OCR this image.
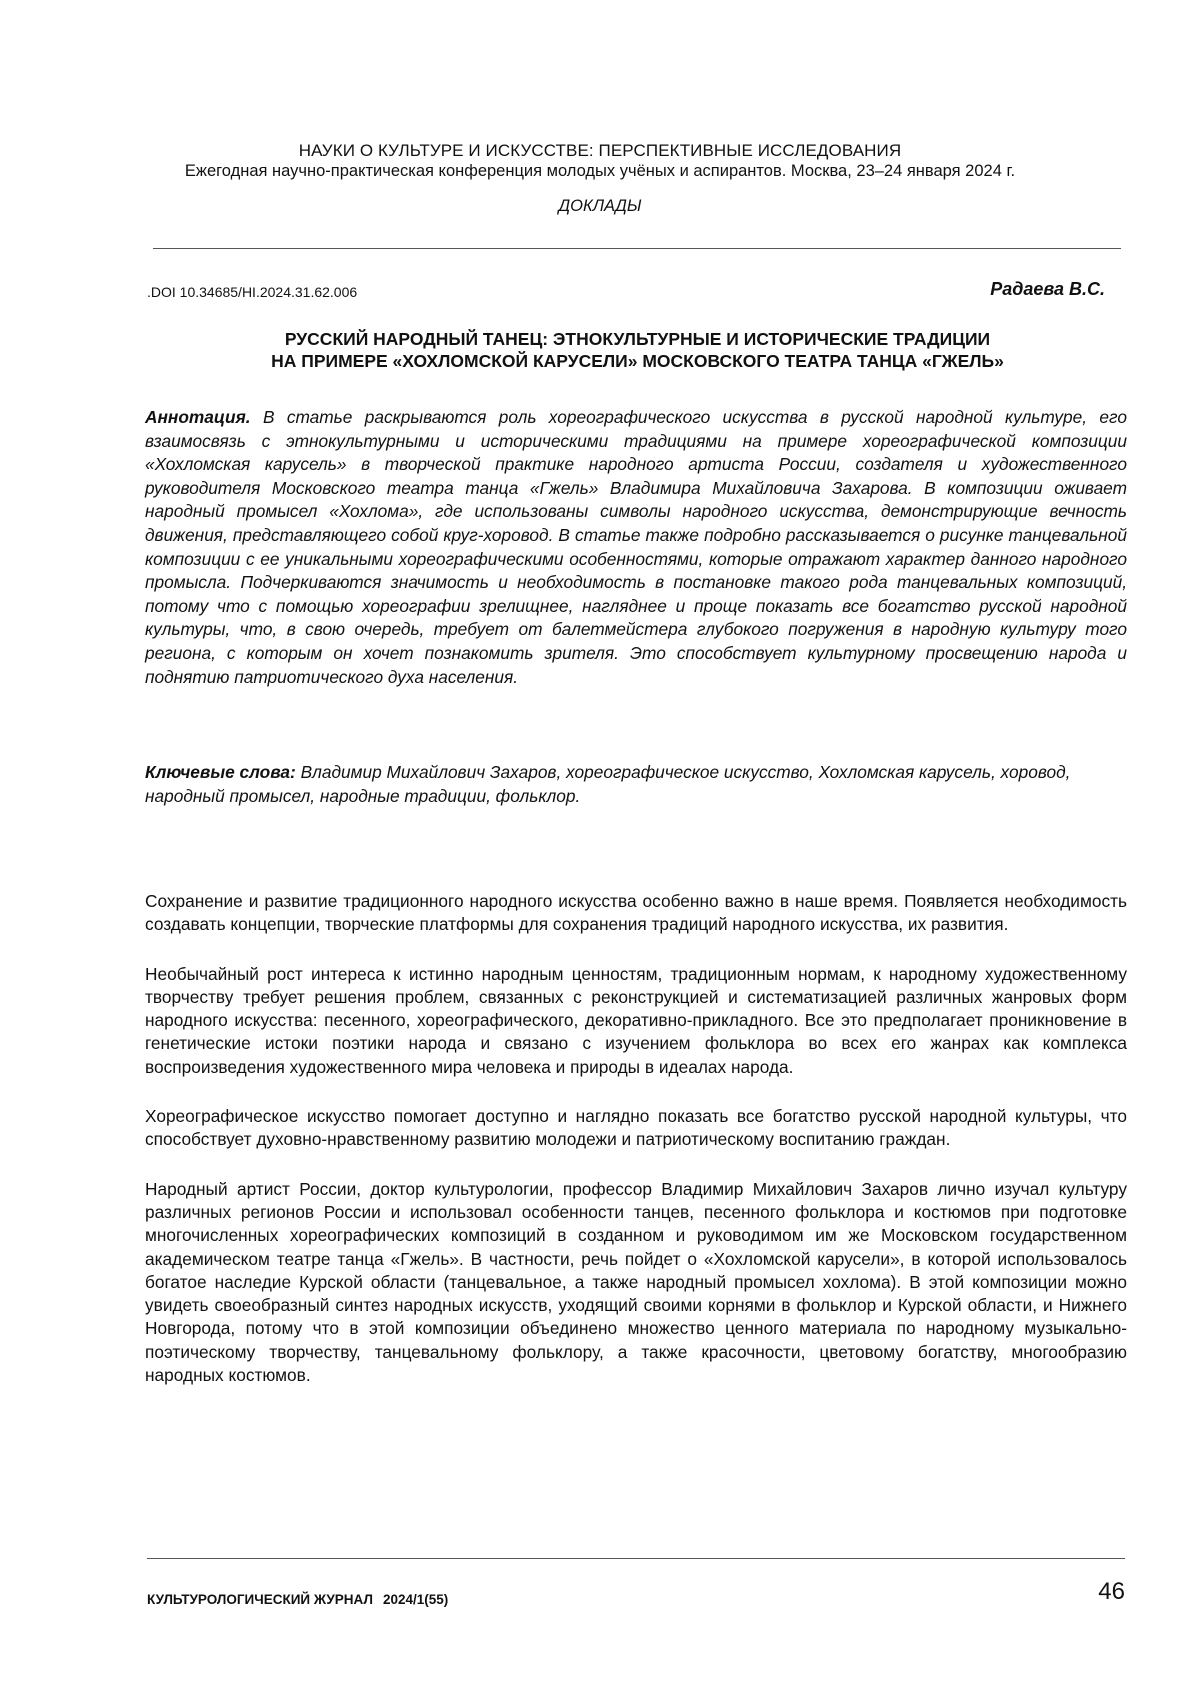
НАУКИ О КУЛЬТУРЕ И ИСКУССТВЕ: ПЕРСПЕКТИВНЫЕ ИССЛЕДОВАНИЯ
Ежегодная научно-практическая конференция молодых учёных и аспирантов. Москва, 23–24 января 2024 г.
ДОКЛАДЫ
.DOI 10.34685/HI.2024.31.62.006	Радаева В.С.
РУССКИЙ НАРОДНЫЙ ТАНЕЦ: ЭТНОКУЛЬТУРНЫЕ И ИСТОРИЧЕСКИЕ ТРАДИЦИИ
НА ПРИМЕРЕ «ХОХЛОМСКОЙ КАРУСЕЛИ» МОСКОВСКОГО ТЕАТРА ТАНЦА «ГЖЕЛЬ»
Аннотация. В статье раскрываются роль хореографического искусства в русской народной культуре, его взаимосвязь с этнокультурными и историческими традициями на примере хореографической композиции «Хохломская карусель» в творческой практике народного артиста России, создателя и художественного руководителя Московского театра танца «Гжель» Владимира Михайловича Захарова. В композиции оживает народный промысел «Хохлома», где использованы символы народного искусства, демонстрирующие вечность движения, представляющего собой круг-хоровод. В статье также подробно рассказывается о рисунке танцевальной композиции с ее уникальными хореографическими особенностями, которые отражают характер данного народного промысла. Подчеркиваются значимость и необходимость в постановке такого рода танцевальных композиций, потому что с помощью хореографии зрелищнее, нагляднее и проще показать все богатство русской народной культуры, что, в свою очередь, требует от балетмейстера глубокого погружения в народную культуру того региона, с которым он хочет познакомить зрителя. Это способствует культурному просвещению народа и поднятию патриотического духа населения.
Ключевые слова: Владимир Михайлович Захаров, хореографическое искусство, Хохломская карусель, хоровод, народный промысел, народные традиции, фольклор.

Сохранение и развитие традиционного народного искусства особенно важно в наше время. Появляется необходимость создавать концепции, творческие платформы для сохранения традиций народного искусства, их развития.

Необычайный рост интереса к истинно народным ценностям, традиционным нормам, к народному художественному творчеству требует решения проблем, связанных с реконструкцией и систематизацией различных жанровых форм народного искусства: песенного, хореографического, декоративно-прикладного. Все это предполагает проникновение в генетические истоки поэтики народа и связано с изучением фольклора во всех его жанрах как комплекса воспроизведения художественного мира человека и природы в идеалах народа.

Хореографическое искусство помогает доступно и наглядно показать все богатство русской народной культуры, что способствует духовно-нравственному развитию молодежи и патриотическому воспитанию граждан.

Народный артист России, доктор культурологии, профессор Владимир Михайлович Захаров лично изучал культуру различных регионов России и использовал особенности танцев, песенного фольклора и костюмов при подготовке многочисленных хореографических композиций в созданном и руководимом им же Московском государственном академическом театре танца «Гжель». В частности, речь пойдет о «Хохломской карусели», в которой использовалось богатое наследие Курской области (танцевальное, а также народный промысел хохлома). В этой композиции можно увидеть своеобразный синтез народных искусств, уходящий своими корнями в фольклор и Курской области, и Нижнего Новгорода, потому что в этой композиции объединено множество ценного материала по народному музыкально-поэтическому творчеству, танцевальному фольклору, а также красочности, цветовому богатству, многообразию народных костюмов.

КУЛЬТУРОЛОГИЧЕСКИЙ ЖУРНАЛ 2024/1(55)	46
